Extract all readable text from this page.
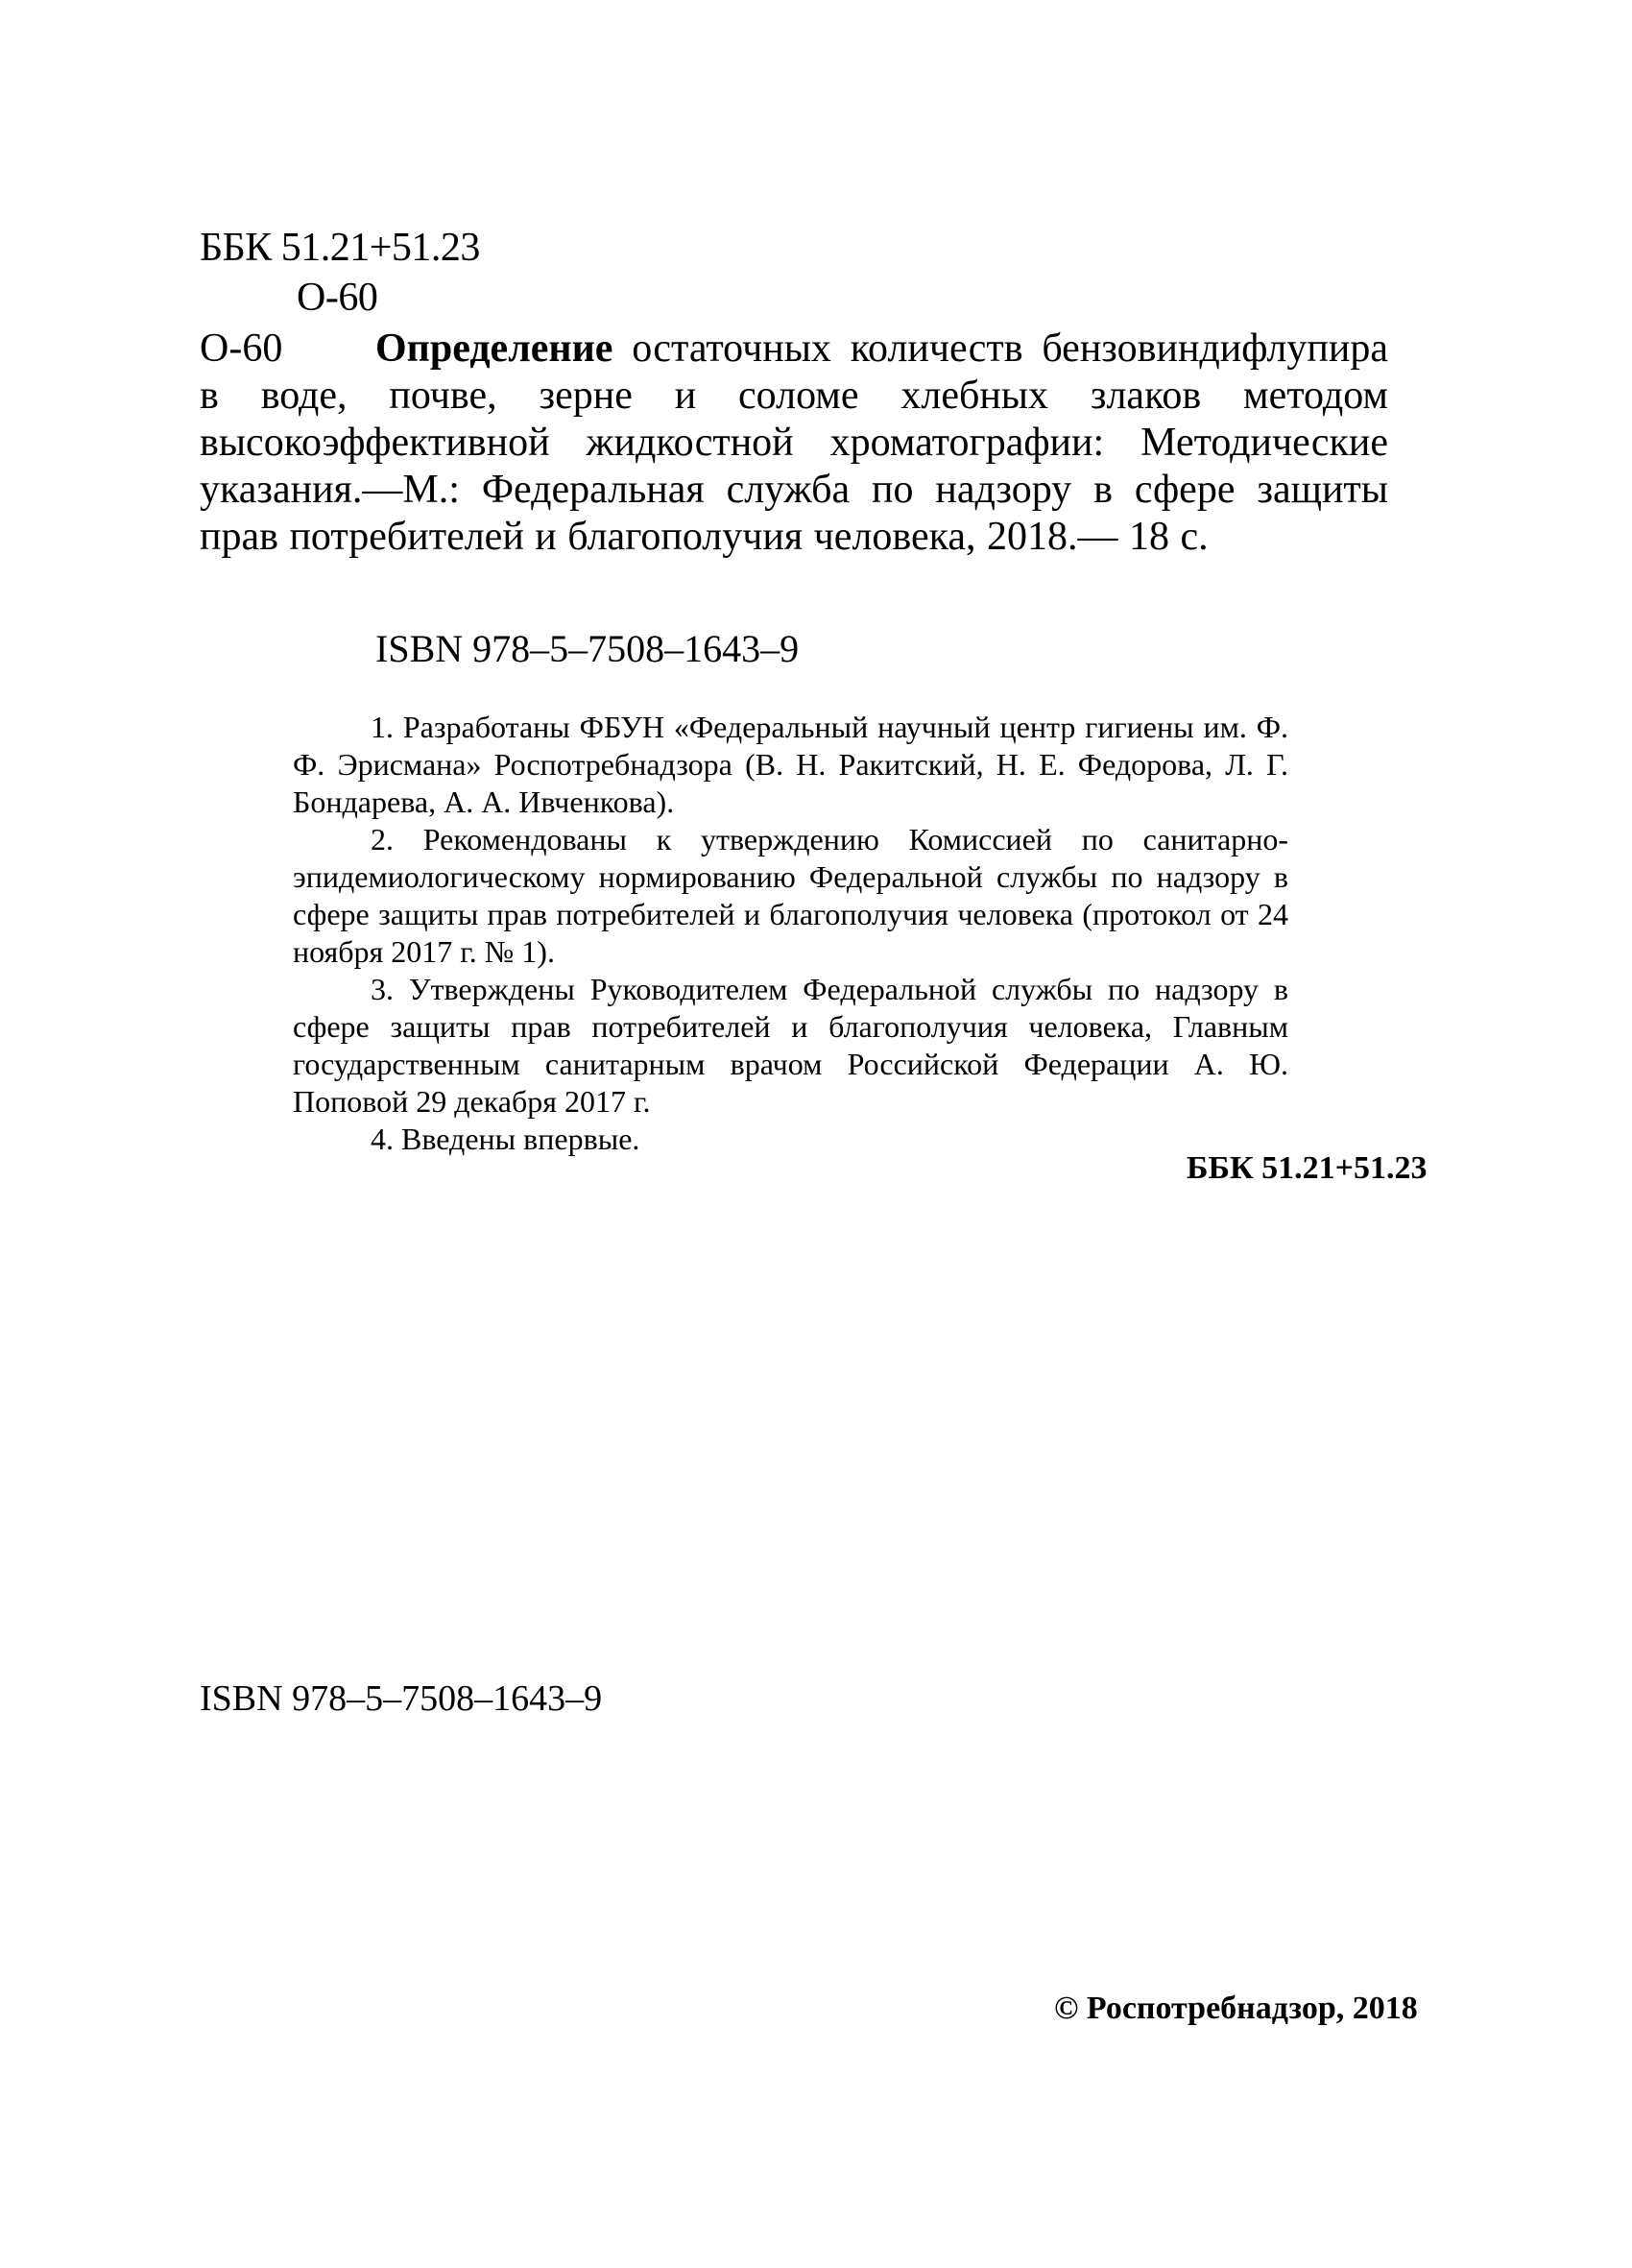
ББК 51.21+51.23
О-60
О-60 Определение остаточных количеств бензовиндифлупира в воде, почве, зерне и соломе хлебных злаков методом высокоэффективной жидкостной хроматографии: Методические указания.—М.: Федеральная служба по надзору в сфере защиты прав потребителей и благополучия человека, 2018.— 18 с.
ISBN 978–5–7508–1643–9

1. Разработаны ФБУН «Федеральный научный центр гигиены им. Ф. Ф. Эрисмана» Роспотребнадзора (В. Н. Ракитский, Н. Е. Федорова, Л. Г. Бондарева, А. А. Ивченкова).

2. Рекомендованы к утверждению Комиссией по санитарно-эпидемиологическому нормированию Федеральной службы по надзору в сфере защиты прав потребителей и благополучия человека (протокол от 24 ноября 2017 г. № 1).

3. Утверждены Руководителем Федеральной службы по надзору в сфере защиты прав потребителей и благополучия человека, Главным государственным санитарным врачом Российской Федерации А. Ю. Поповой 29 декабря 2017 г.

4. Введены впервые.

ББК 51.21+51.23
ISBN 978–5–7508–1643–9
© Роспотребнадзор, 2018
